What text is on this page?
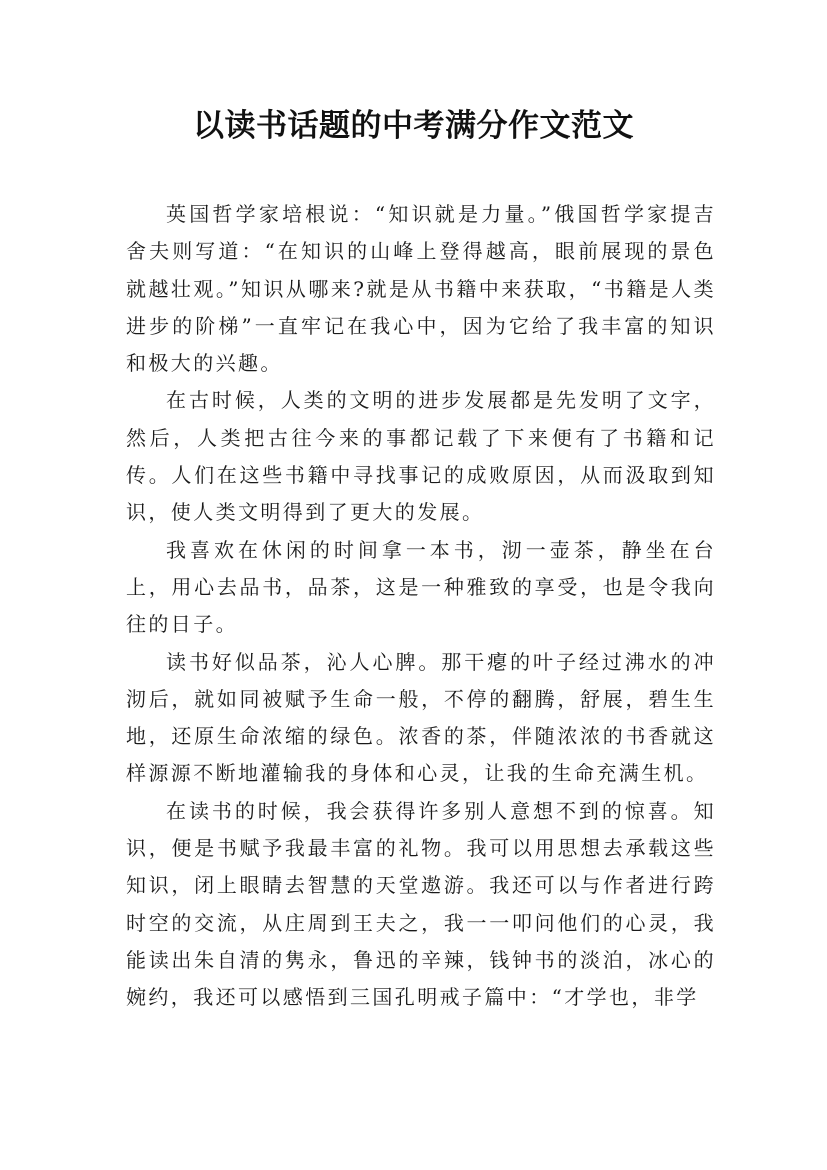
以读书话题的中考满分作文范文

英国哲学家培根说：“知识就是力量。”俄国哲学家提吉舍夫则写道：“在知识的山峰上登得越高，眼前展现的景色就越壮观。”知识从哪来?就是从书籍中来获取，“书籍是人类进步的阶梯”一直牢记在我心中，因为它给了我丰富的知识和极大的兴趣。

在古时候，人类的文明的进步发展都是先发明了文字，然后，人类把古往今来的事都记载了下来便有了书籍和记传。人们在这些书籍中寻找事记的成败原因，从而汲取到知识，使人类文明得到了更大的发展。

我喜欢在休闲的时间拿一本书，沏一壶茶，静坐在台上，用心去品书，品茶，这是一种雅致的享受，也是令我向往的日子。

读书好似品茶，沁人心脾。那干瘪的叶子经过沸水的冲沏后，就如同被赋予生命一般，不停的翻腾，舒展，碧生生地，还原生命浓缩的绿色。浓香的茶，伴随浓浓的书香就这样源源不断地灌输我的身体和心灵，让我的生命充满生机。

在读书的时候，我会获得许多别人意想不到的惊喜。知识，便是书赋予我最丰富的礼物。我可以用思想去承载这些知识，闭上眼睛去智慧的天堂遨游。我还可以与作者进行跨时空的交流，从庄周到王夫之，我一一叩问他们的心灵，我能读出朱自清的隽永，鲁迅的辛辣，钱钟书的淡泊，冰心的婉约，我还可以感悟到三国孔明戒子篇中：“才学也，非学
